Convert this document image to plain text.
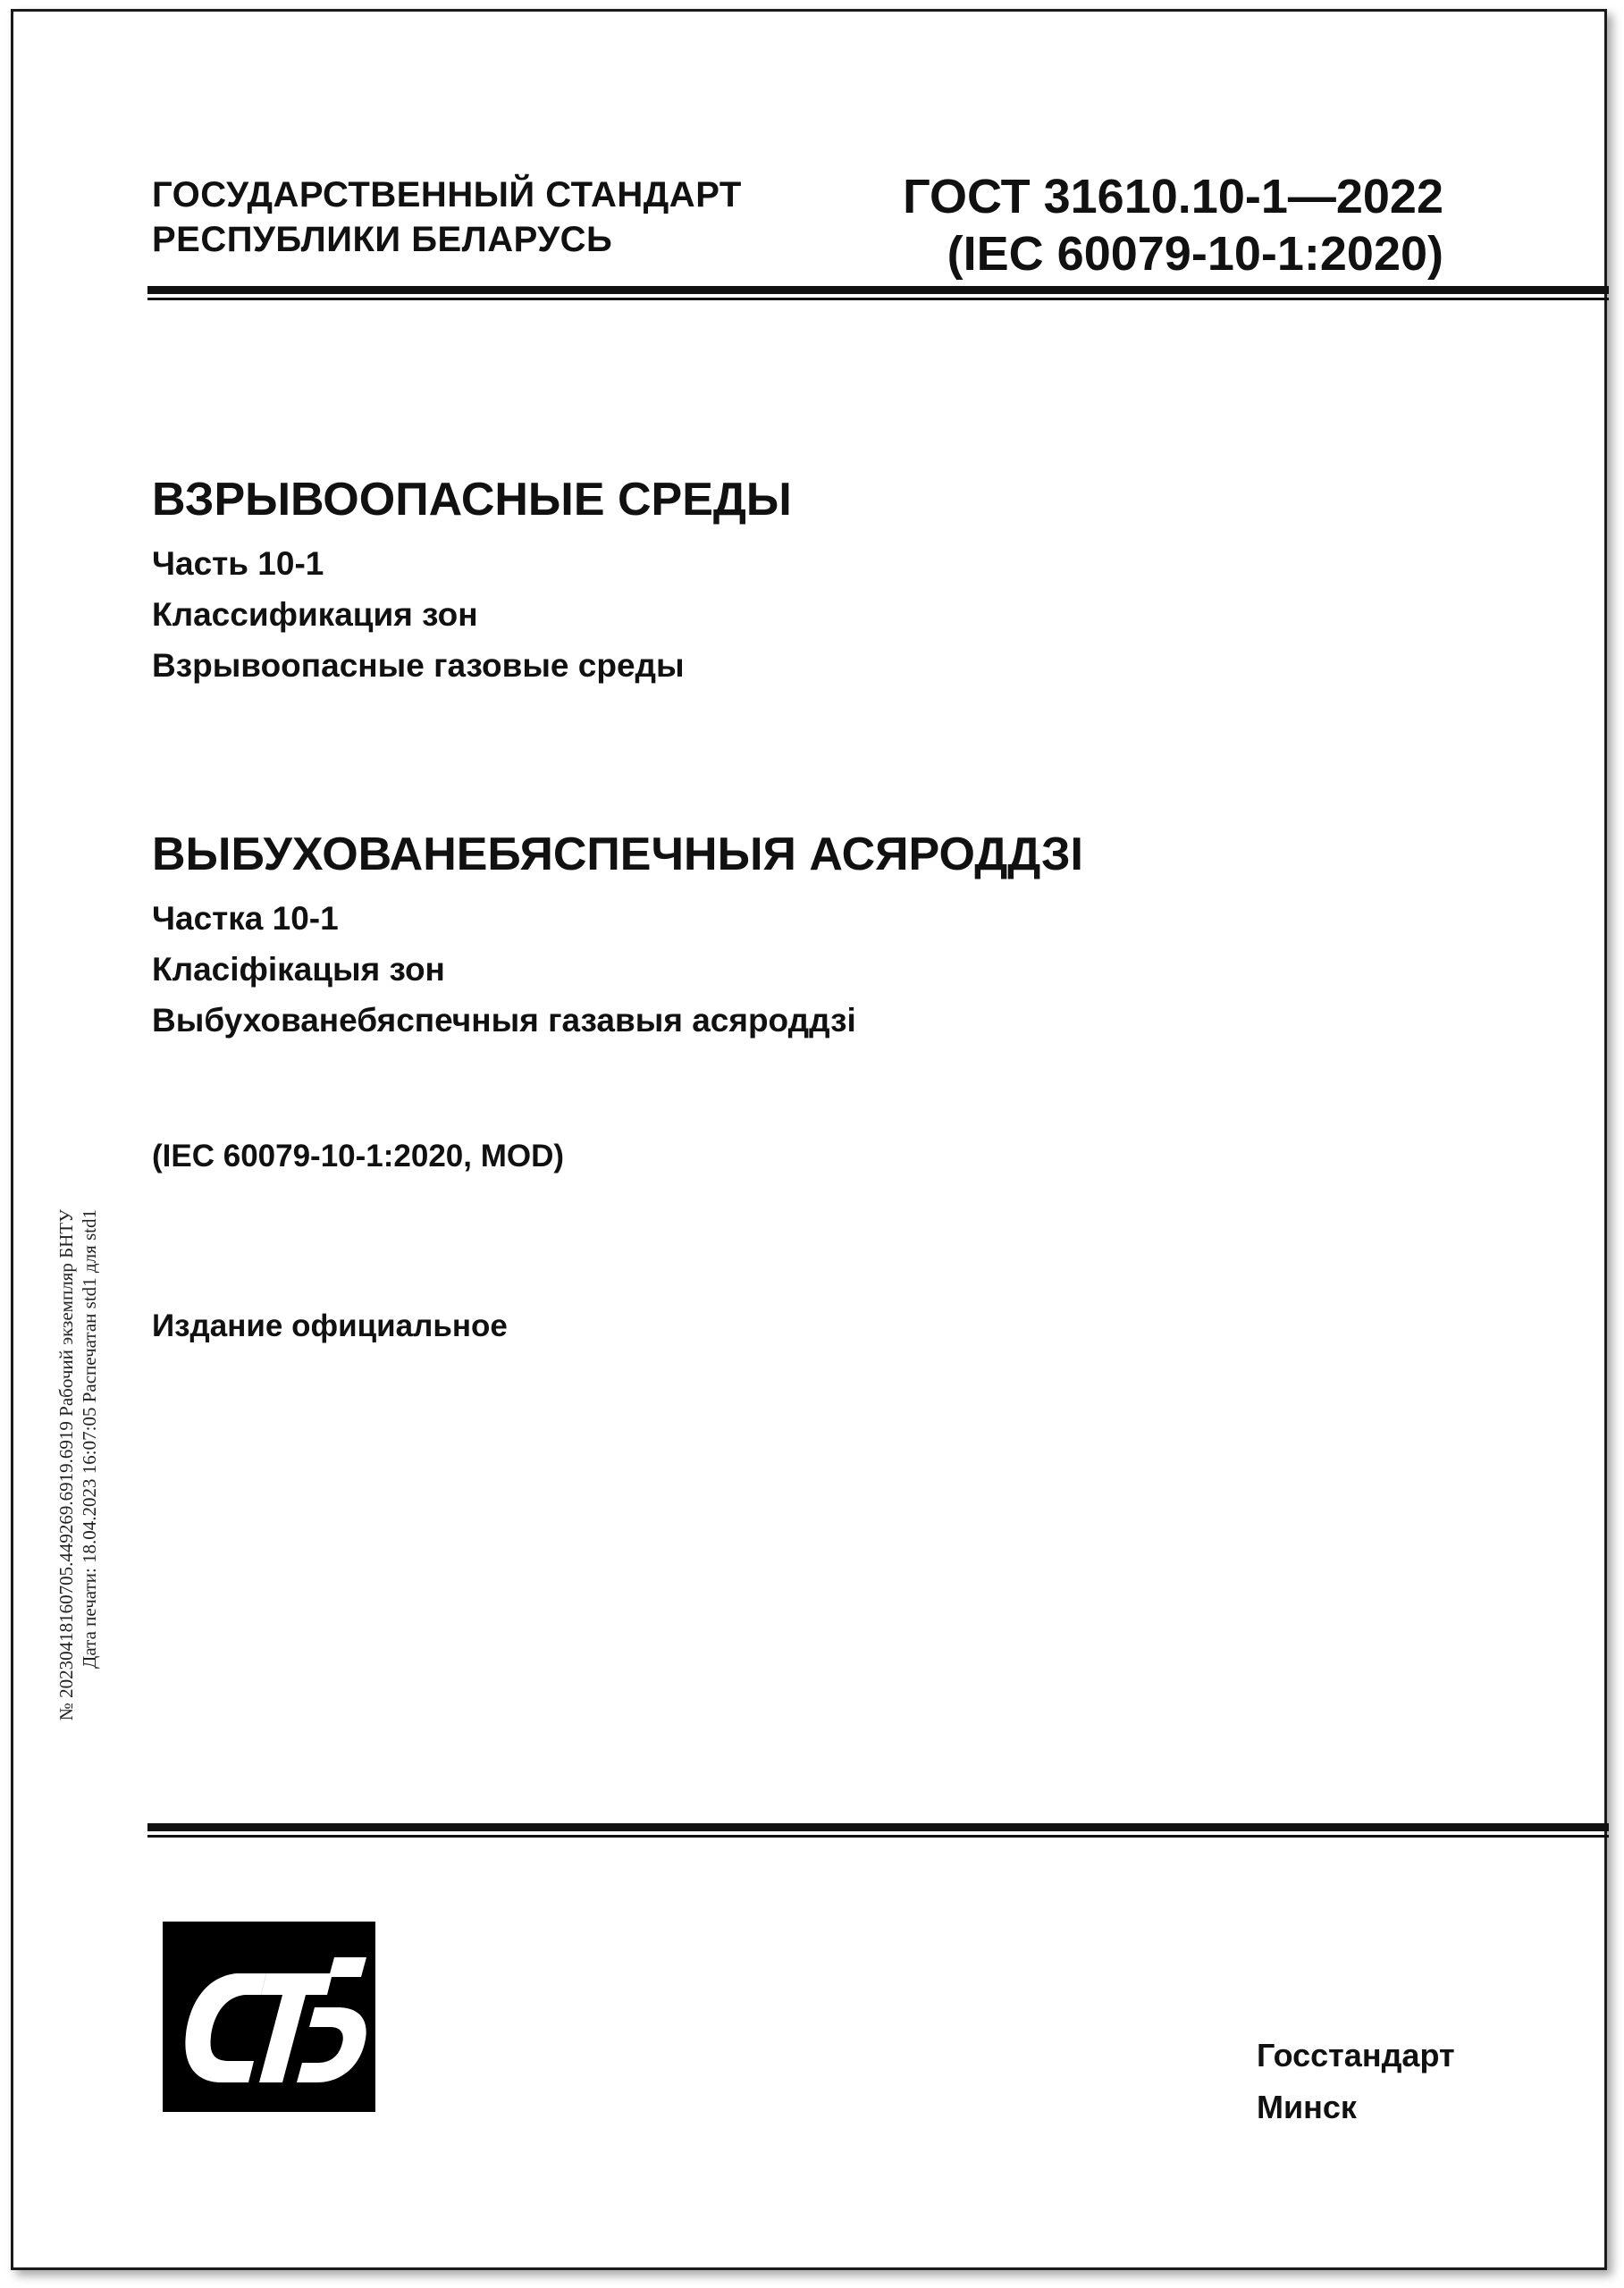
ГОСУДАРСТВЕННЫЙ СТАНДАРТ
РЕСПУБЛИКИ БЕЛАРУСЬ
ГОСТ 31610.10-1—2022
(IEC 60079-10-1:2020)
ВЗРЫВООПАСНЫЕ СРЕДЫ
Часть 10-1
Классификация зон
Взрывоопасные газовые среды
ВЫБУХОВАНЕБЯСПЕЧНЫЯ АСЯРОДДЗІ
Частка 10-1
Класіфікацыя зон
Выбухованебяспечныя газавыя асяроддзі
(IEC 60079-10-1:2020, MOD)
Издание официальное
№ 20230418160705.449269.6919.6919 Рабочий экземпляр БНТУ Дата печати: 18.04.2023 16:07:05 Распечатан std1 для std1
Госстандарт
Минск
